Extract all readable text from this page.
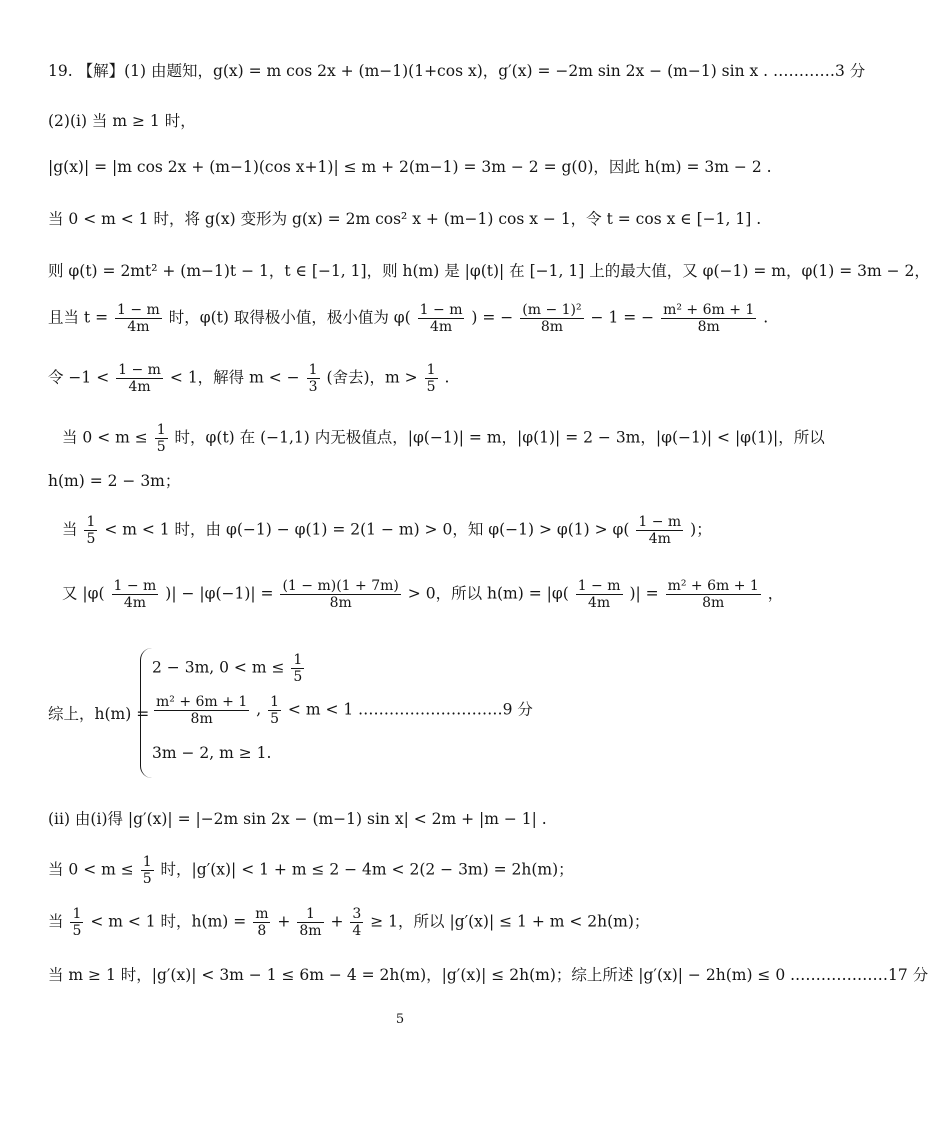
19. 【解】(1) 由题知，g(x) = m cos 2x + (m−1)(1+cos x)，g′(x) = −2m sin 2x − (m−1) sin x . …………3 分
(2)(i) 当 m ≥ 1 时，
|g(x)| = |m cos 2x + (m−1)(cos x+1)| ≤ m + 2(m−1) = 3m − 2 = g(0)，因此 h(m) = 3m − 2 .
当 0 < m < 1 时，将 g(x) 变形为 g(x) = 2m cos² x + (m−1) cos x − 1，令 t = cos x ∈ [−1, 1] .
则 φ(t) = 2mt² + (m−1)t − 1，t ∈ [−1, 1]，则 h(m) 是 |φ(t)| 在 [−1, 1] 上的最大值，又 φ(−1) = m，φ(1) = 3m − 2，
且当 $t = \frac{1 - m}{4m}$ 时，φ(t) 取得极小值，极小值为 $\varphi( \frac{1 - m}{4m}$ ) = − $\frac{\text{(m − 1)²}}{8m} - 1$ = − $\frac{\text{m² + 6m + 1}}{8m}$ .
令 $-1 < \frac{1 - m}{4m} < 1$，解得 m < − $\frac{1}{3}$ (舍去)，$m > \frac{1}{5}$ .
当 $0 < m \le \frac{1}{5}$ 时，φ(t) 在 (−1,1) 内无极值点，|φ(−1)| = m，|φ(1)| = 2 − 3m，|φ(−1)| < |φ(1)|，所以
h(m) = 2 − 3m；
当 $\frac{1}{5} < m < 1$ 时，由 φ(−1) − φ(1) = 2(1 − m) > 0，知 $\varphi(-1) > \varphi(1) > \varphi( \frac{1 - m}{4m}$ )；
又 $|\varphi( \frac{1 - m}{4m}$ )| − $|\varphi(-1)| = \frac{(1 - m)(1 + 7m)}{8m} > 0$，所以 $h(m) = |\varphi( \frac{1 - m}{4m}$ )| = $\frac{\text{m² + 6m + 1}}{8m}$ ，
综上，h(m) =
2 − 3m, $0 < m \le \frac{1}{5}$
$\frac{\text{m² + 6m + 1}}{8m}$ , $\frac{1}{5} < m < 1$ .………………………9 分
3m − 2, m ≥ 1.
(ii) 由(i)得 |g′(x)| = |−2m sin 2x − (m−1) sin x| < 2m + |m − 1| .
当 $0 < m \le \frac{1}{5}$ 时，|g′(x)| < 1 + m ≤ 2 − 4m < 2(2 − 3m) = 2h(m)；
当 $\frac{1}{5} < m < 1$ 时，$h(m) = \frac{m}{8} + \frac{1}{8m} + \frac{3}{4} \ge 1$，所以 |g′(x)| ≤ 1 + m < 2h(m)；
当 m ≥ 1 时，|g′(x)| < 3m − 1 ≤ 6m − 4 = 2h(m)，|g′(x)| ≤ 2h(m)；综上所述 |g′(x)| − 2h(m) ≤ 0 .………………17 分
5
